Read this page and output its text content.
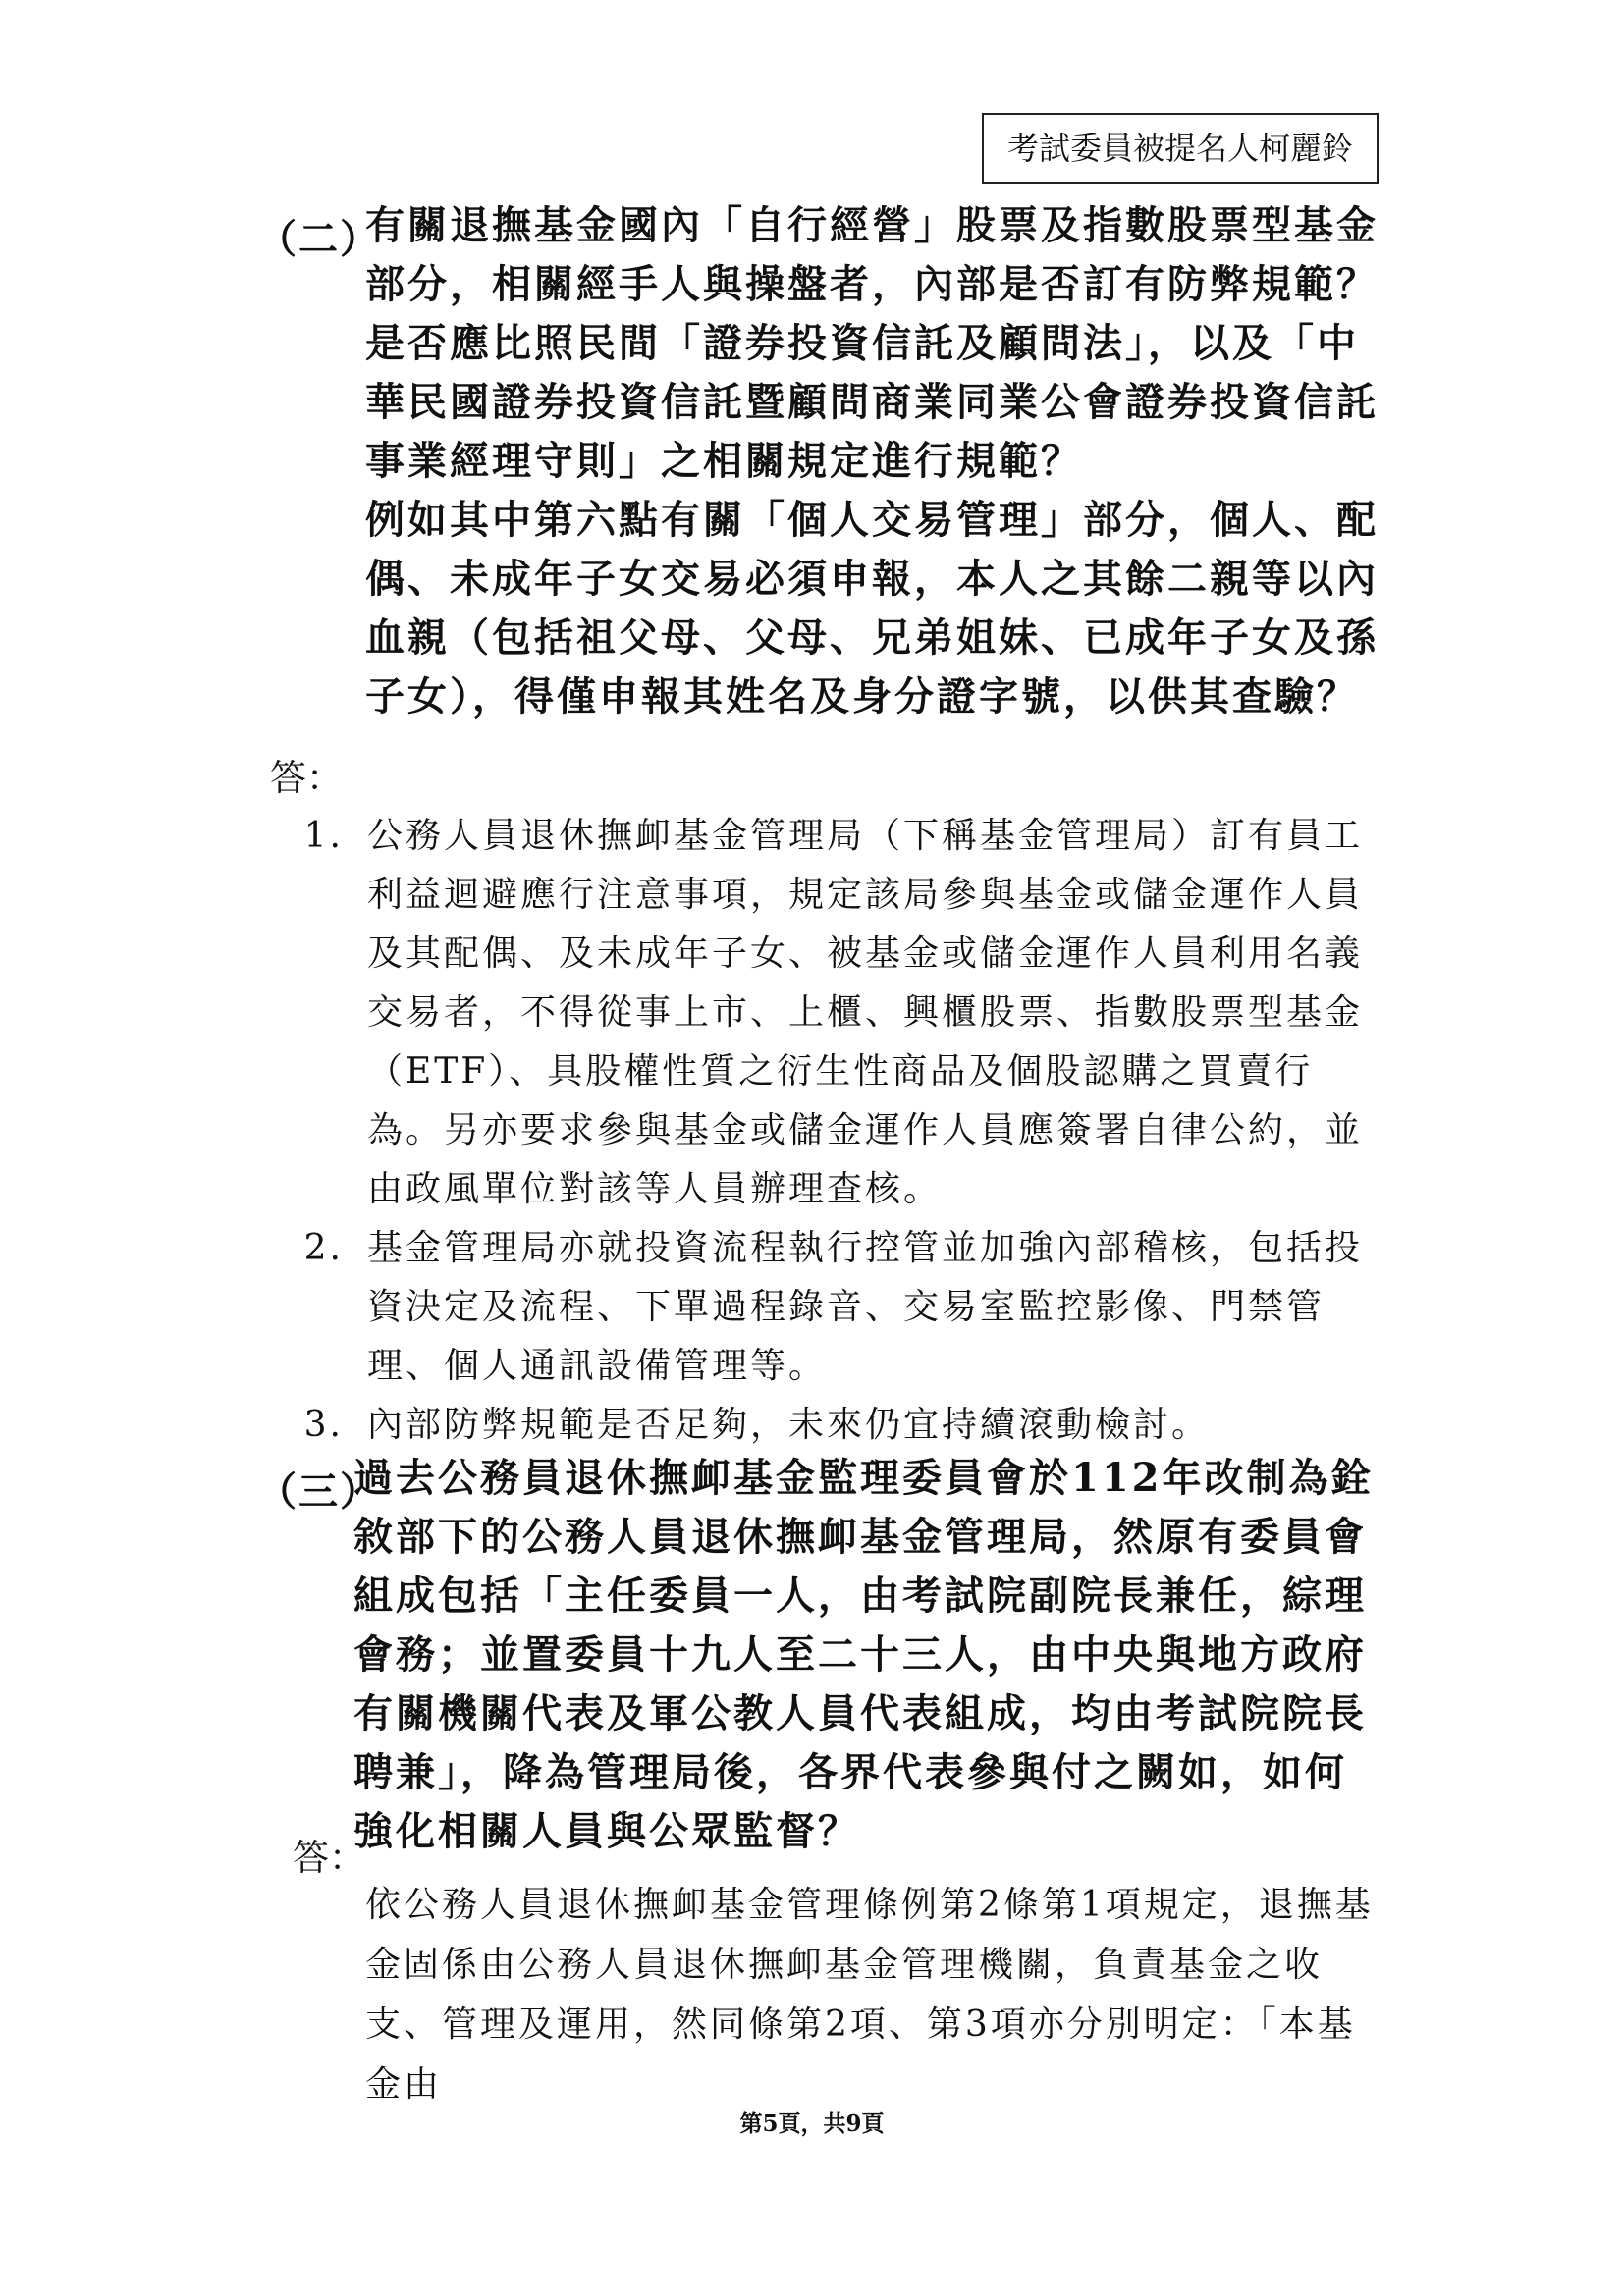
考試委員被提名人柯麗鈴
（二）

有關退撫基金國內「自行經營」股票及指數股票型基金部分，相關經手人與操盤者，內部是否訂有防弊規範？是否應比照民間「證券投資信託及顧問法」，以及「中華民國證券投資信託暨顧問商業同業公會證券投資信託事業經理守則」之相關規定進行規範？

例如其中第六點有關「個人交易管理」部分，個人、配偶、未成年子女交易必須申報，本人之其餘二親等以內血親（包括祖父母、父母、兄弟姐妹、已成年子女及孫子女），得僅申報其姓名及身分證字號，以供其查驗？

答：
1. 公務人員退休撫卹基金管理局（下稱基金管理局）訂有員工利益迴避應行注意事項，規定該局參與基金或儲金運作人員及其配偶、及未成年子女、被基金或儲金運作人員利用名義交易者，不得從事上市、上櫃、興櫃股票、指數股票型基金（ETF）、具股權性質之衍生性商品及個股認購之買賣行為。另亦要求參與基金或儲金運作人員應簽署自律公約，並由政風單位對該等人員辦理查核。
2. 基金管理局亦就投資流程執行控管並加強內部稽核，包括投資決定及流程、下單過程錄音、交易室監控影像、門禁管理、個人通訊設備管理等。
3. 內部防弊規範是否足夠，未來仍宜持續滾動檢討。
（三）

過去公務員退休撫卹基金監理委員會於112年改制為銓敘部下的公務人員退休撫卹基金管理局，然原有委員會組成包括「主任委員一人，由考試院副院長兼任，綜理會務；並置委員十九人至二十三人，由中央與地方政府有關機關代表及軍公教人員代表組成，均由考試院院長聘兼」，降為管理局後，各界代表參與付之闕如，如何強化相關人員與公眾監督？

答：

依公務人員退休撫卹基金管理條例第2條第1項規定，退撫基金固係由公務人員退休撫卹基金管理機關，負責基金之收支、管理及運用，然同條第2項、第3項亦分別明定：「本基金由

第5頁，共9頁
